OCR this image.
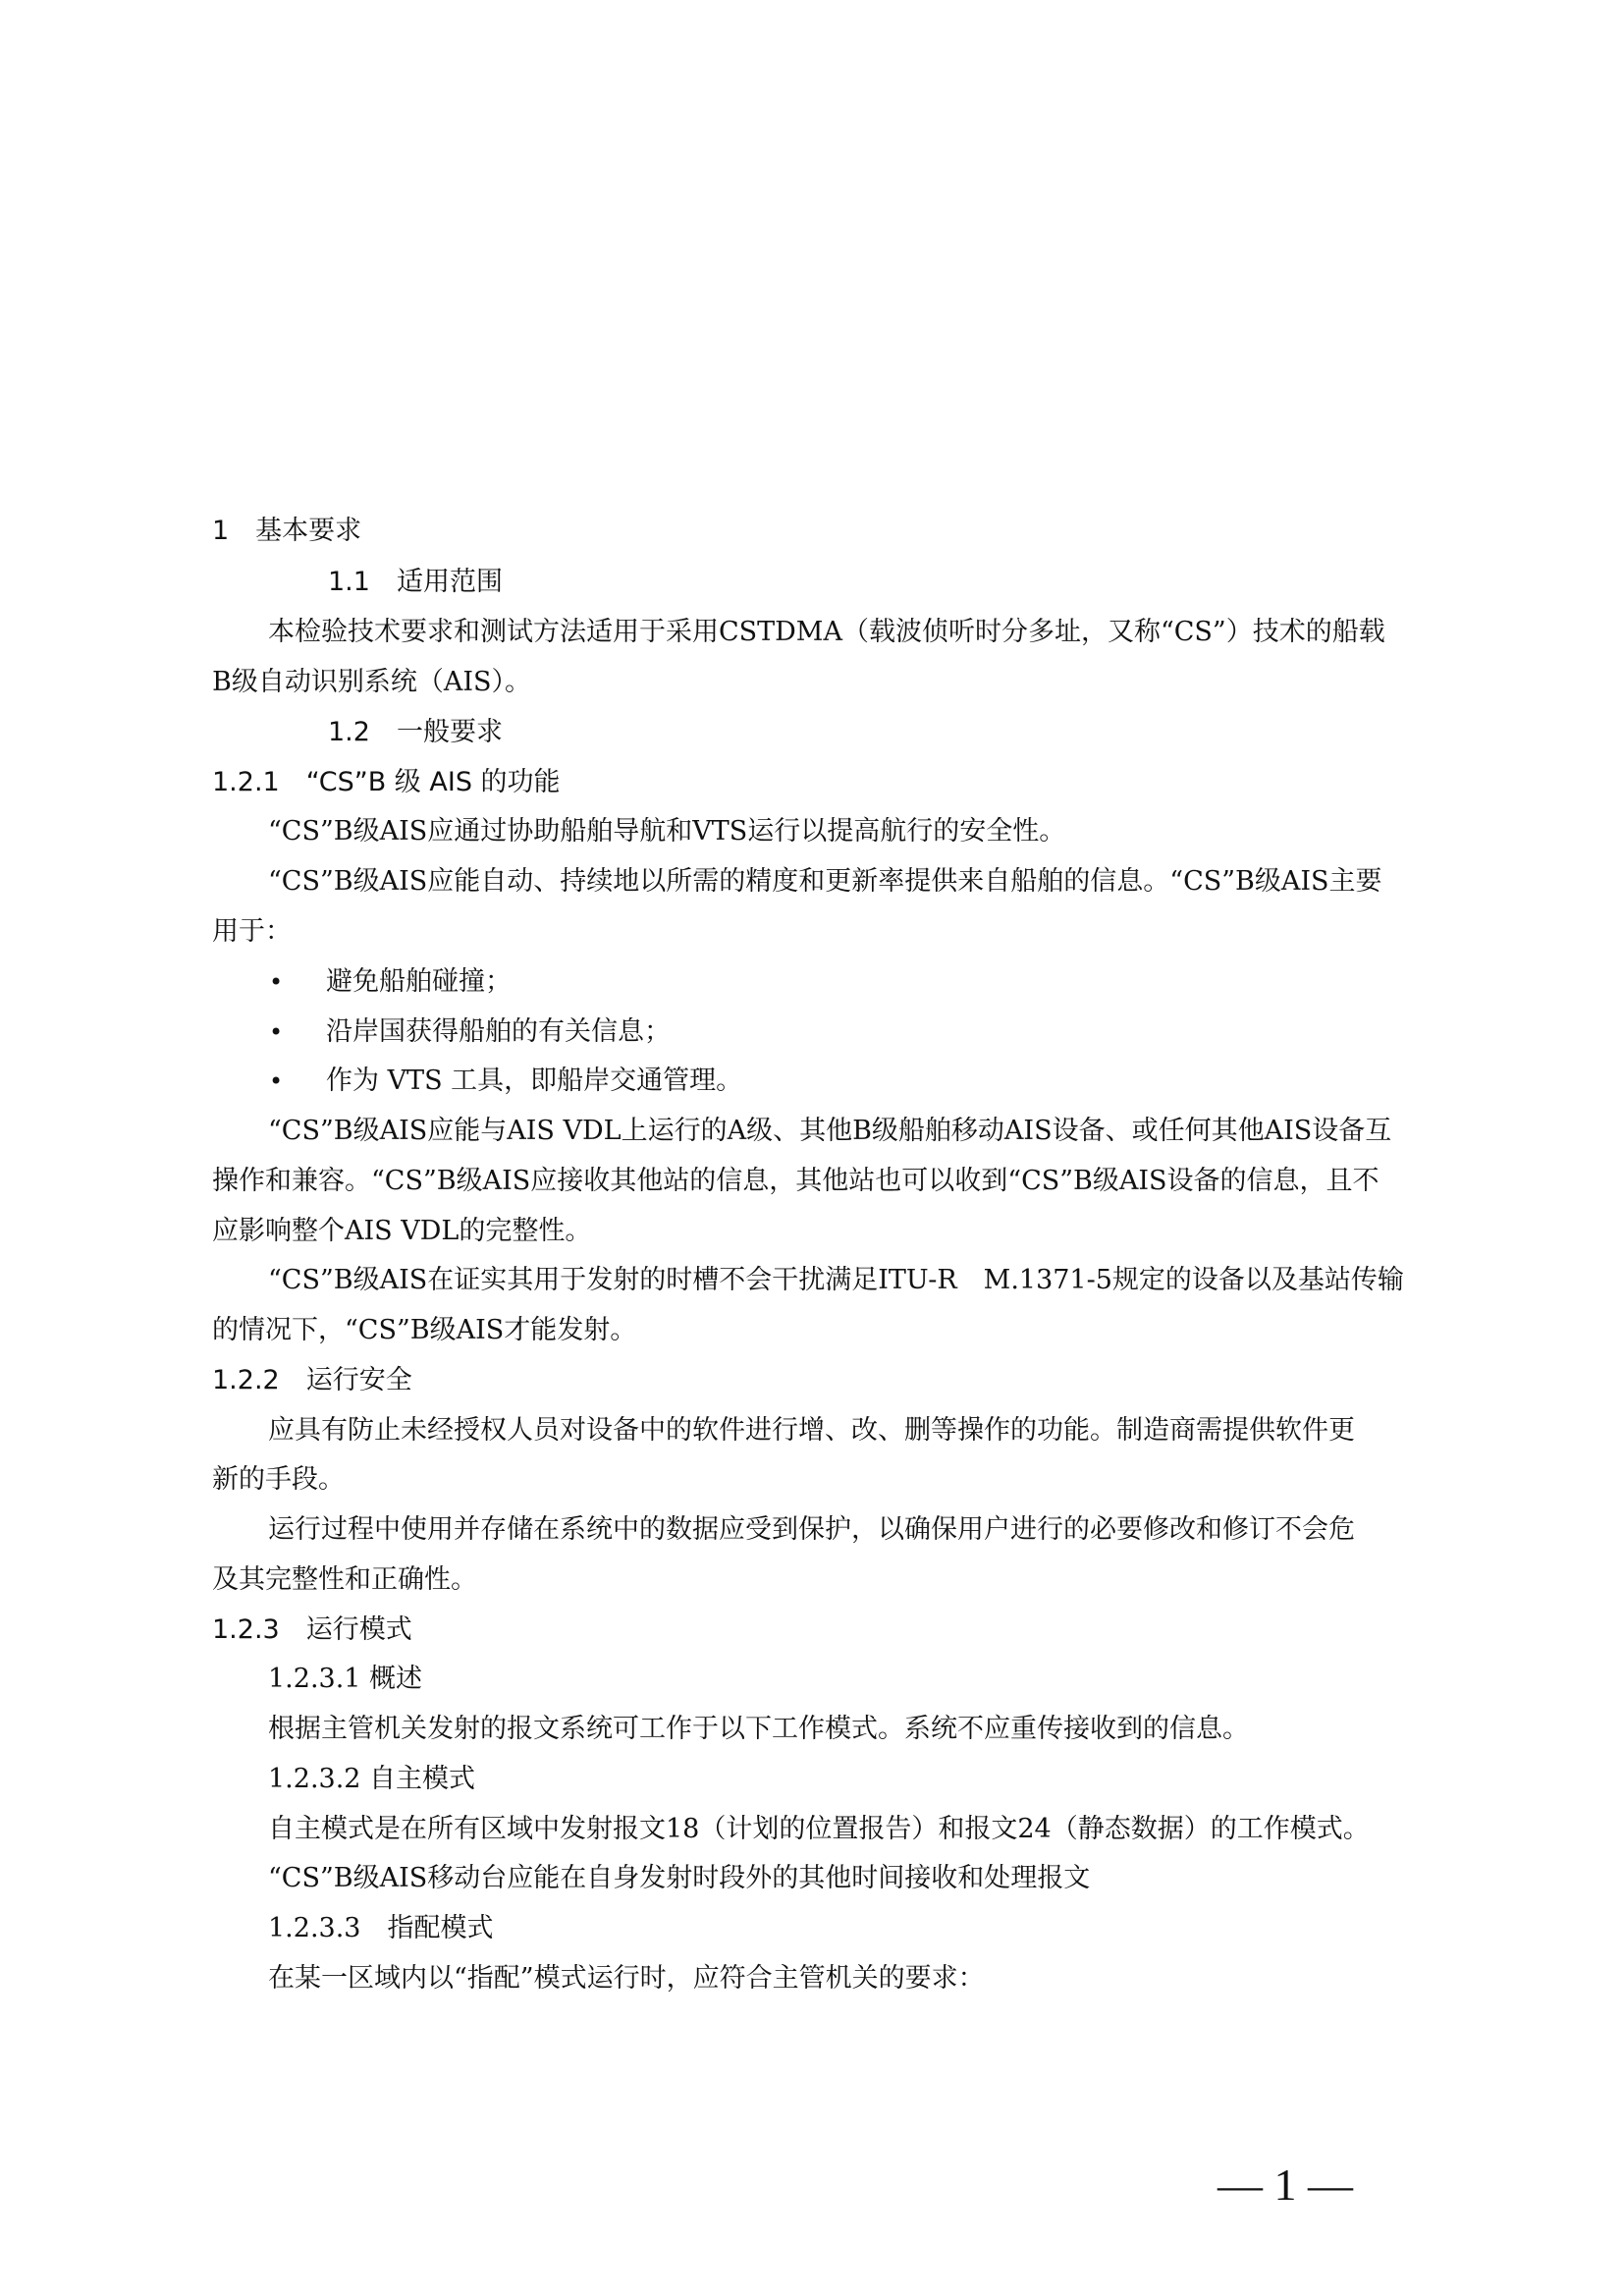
1　基本要求
1.1　适用范围
本检验技术要求和测试方法适用于采用CSTDMA（载波侦听时分多址，又称“CS”）技术的船载
B级自动识别系统（AIS）。
1.2　一般要求
1.2.1　“CS”B 级 AIS 的功能
“CS”B级AIS应通过协助船舶导航和VTS运行以提高航行的安全性。
“CS”B级AIS应能自动、持续地以所需的精度和更新率提供来自船舶的信息。“CS”B级AIS主要
用于：
• 避免船舶碰撞；
• 沿岸国获得船舶的有关信息；
• 作为 VTS 工具，即船岸交通管理。
“CS”B级AIS应能与AIS VDL上运行的A级、其他B级船舶移动AIS设备、或任何其他AIS设备互
操作和兼容。“CS”B级AIS应接收其他站的信息，其他站也可以收到“CS”B级AIS设备的信息，且不
应影响整个AIS VDL的完整性。
“CS”B级AIS在证实其用于发射的时槽不会干扰满足ITU-R　M.1371-5规定的设备以及基站传输
的情况下，“CS”B级AIS才能发射。
1.2.2　运行安全
应具有防止未经授权人员对设备中的软件进行增、改、删等操作的功能。制造商需提供软件更
新的手段。
运行过程中使用并存储在系统中的数据应受到保护，以确保用户进行的必要修改和修订不会危
及其完整性和正确性。
1.2.3　运行模式
1.2.3.1 概述
根据主管机关发射的报文系统可工作于以下工作模式。系统不应重传接收到的信息。
1.2.3.2 自主模式
自主模式是在所有区域中发射报文18（计划的位置报告）和报文24（静态数据）的工作模式。
“CS”B级AIS移动台应能在自身发射时段外的其他时间接收和处理报文
1.2.3.3　指配模式
在某一区域内以“指配”模式运行时，应符合主管机关的要求：
— 1 —
